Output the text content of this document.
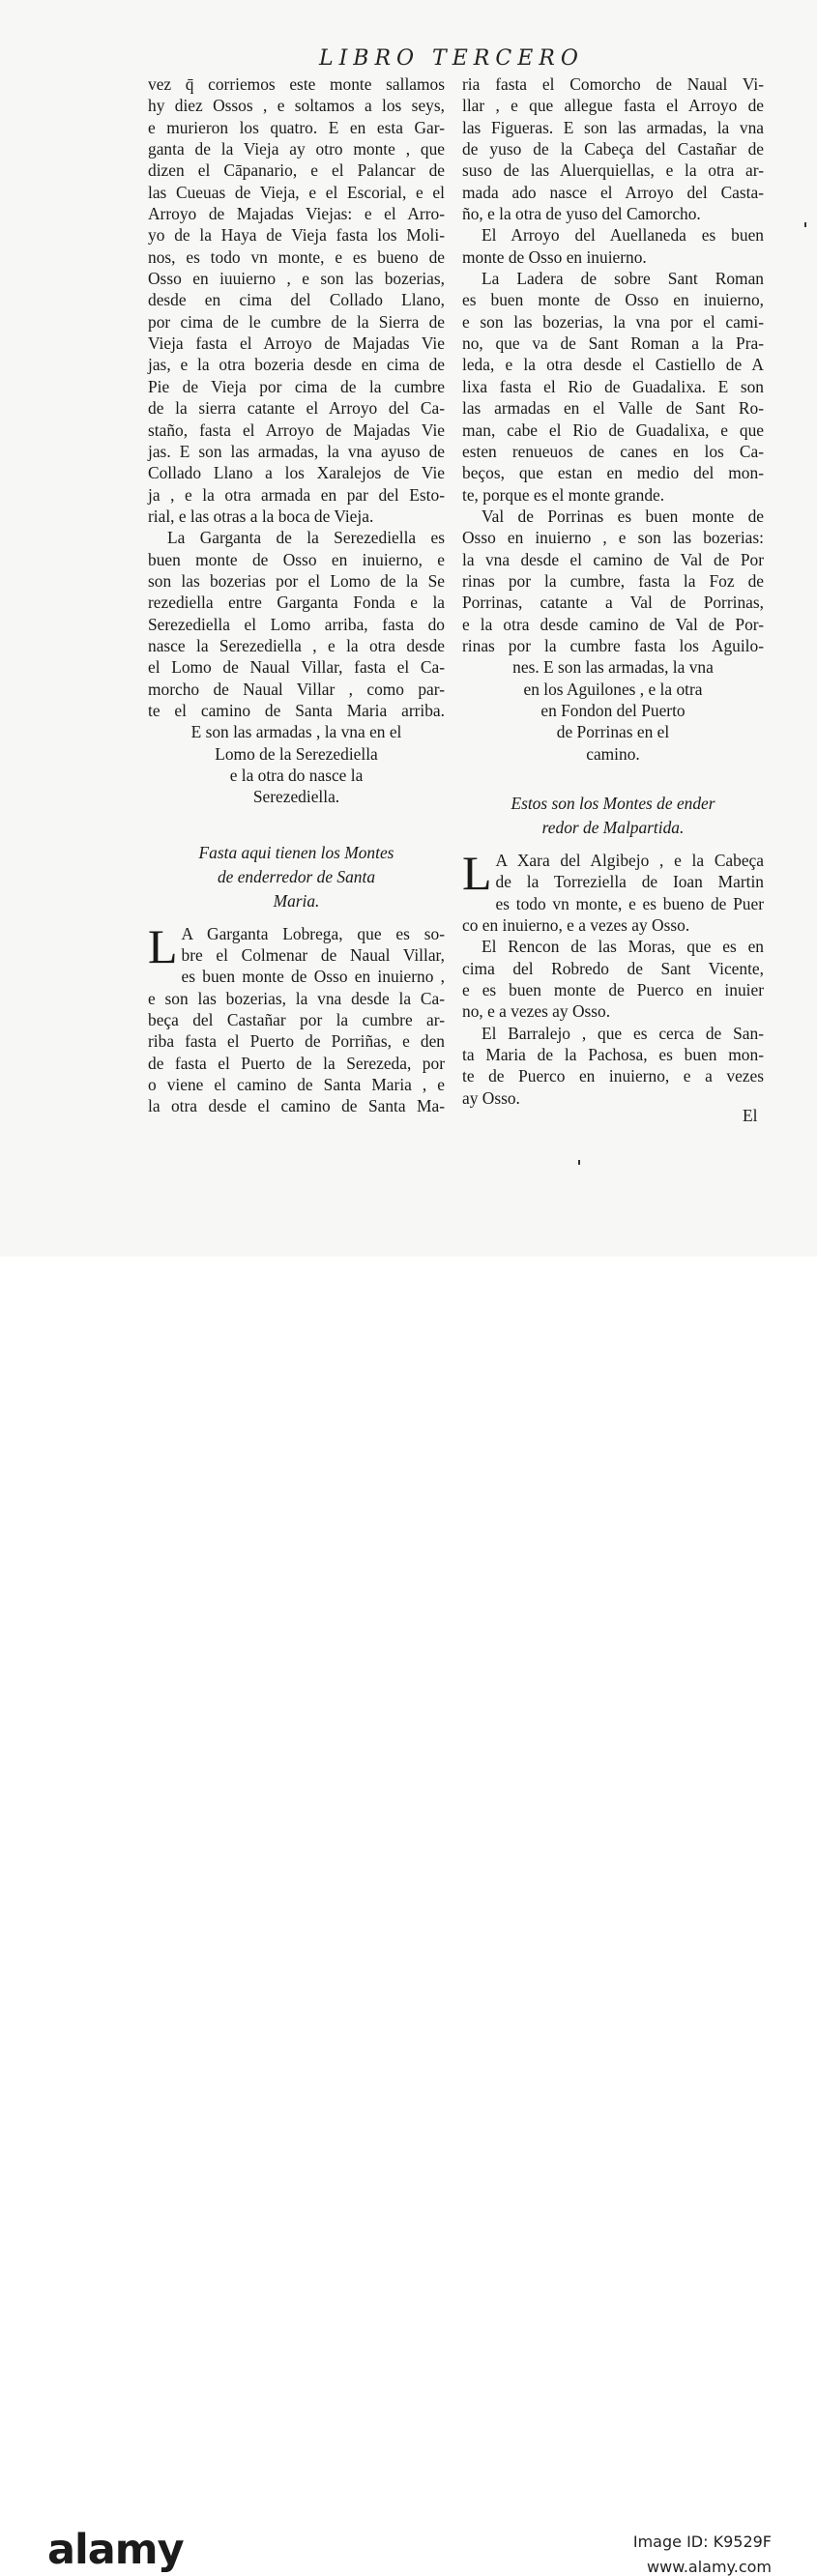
LIBRO TERCERO
vez q̄ corriemos este monte sallamos
hy diez Ossos , e soltamos a los seys,
e murieron los quatro. E en esta Gar-
ganta de la Vieja ay otro monte , que
dizen el Cāpanario, e el Palancar de
las Cueuas de Vieja, e el Escorial, e el
Arroyo de Majadas Viejas: e el Arro-
yo de la Haya de Vieja fasta los Moli-
nos, es todo vn monte, e es bueno de
Osso en iuuierno , e son las bozerias,
desde en cima del Collado Llano,
por cima de le cumbre de la Sierra de
Vieja fasta el Arroyo de Majadas Vie
jas, e la otra bozeria desde en cima de
Pie de Vieja por cima de la cumbre
de la sierra catante el Arroyo del Ca-
staño, fasta el Arroyo de Majadas Vie
jas. E son las armadas, la vna ayuso de
Collado Llano a los Xaralejos de Vie
ja , e la otra armada en par del Esto-
rial, e las otras a la boca de Vieja.
La Garganta de la Serezediella es
buen monte de Osso en inuierno, e
son las bozerias por el Lomo de la Se
rezediella entre Garganta Fonda e la
Serezediella el Lomo arriba, fasta do
nasce la Serezediella , e la otra desde
el Lomo de Naual Villar, fasta el Ca-
morcho de Naual Villar , como par-
te el camino de Santa Maria arriba.
E son las armadas , la vna en el
Lomo de la Serezediella
e la otra do nasce la
Serezediella.
Fasta aqui tienen los Montes
de enderredor de Santa
Maria.
L A Garganta Lobrega, que es so-
bre el Colmenar de Naual Villar,
es buen monte de Osso en inuierno ,
e son las bozerias, la vna desde la Ca-
beça del Castañar por la cumbre ar-
riba fasta el Puerto de Porriñas, e den
de fasta el Puerto de la Serezeda, por
o viene el camino de Santa Maria , e
la otra desde el camino de Santa Ma-
ria fasta el Comorcho de Naual Vi-
llar , e que allegue fasta el Arroyo de
las Figueras. E son las armadas, la vna
de yuso de la Cabeça del Castañar de
suso de las Aluerquiellas, e la otra ar-
mada ado nasce el Arroyo del Casta-
ño, e la otra de yuso del Camorcho.
El Arroyo del Auellaneda es buen
monte de Osso en inuierno.
La Ladera de sobre Sant Roman
es buen monte de Osso en inuierno,
e son las bozerias, la vna por el cami-
no, que va de Sant Roman a la Pra-
leda, e la otra desde el Castiello de A
lixa fasta el Rio de Guadalixa. E son
las armadas en el Valle de Sant Ro-
man, cabe el Rio de Guadalixa, e que
esten renueuos de canes en los Ca-
beços, que estan en medio del mon-
te, porque es el monte grande.
Val de Porrinas es buen monte de
Osso en inuierno , e son las bozerias:
la vna desde el camino de Val de Por
rinas por la cumbre, fasta la Foz de
Porrinas, catante a Val de Porrinas,
e la otra desde camino de Val de Por-
rinas por la cumbre fasta los Aguilo-
nes. E son las armadas, la vna
en los Aguilones , e la otra
en Fondon del Puerto
de Porrinas en el
camino.
Estos son los Montes de ender
redor de Malpartida.
L A Xara del Algibejo , e la Cabeça
de la Torreziella de Ioan Martin
es todo vn monte, e es bueno de Puer
co en inuierno, e a vezes ay Osso.
El Rencon de las Moras, que es en
cima del Robredo de Sant Vicente,
e es buen monte de Puerco en inuier
no, e a vezes ay Osso.
El Barralejo , que es cerca de San-
ta Maria de la Pachosa, es buen mon-
te de Puerco en inuierno, e a vezes
ay Osso.
El
alamy	Image ID: K9529F
www.alamy.com
